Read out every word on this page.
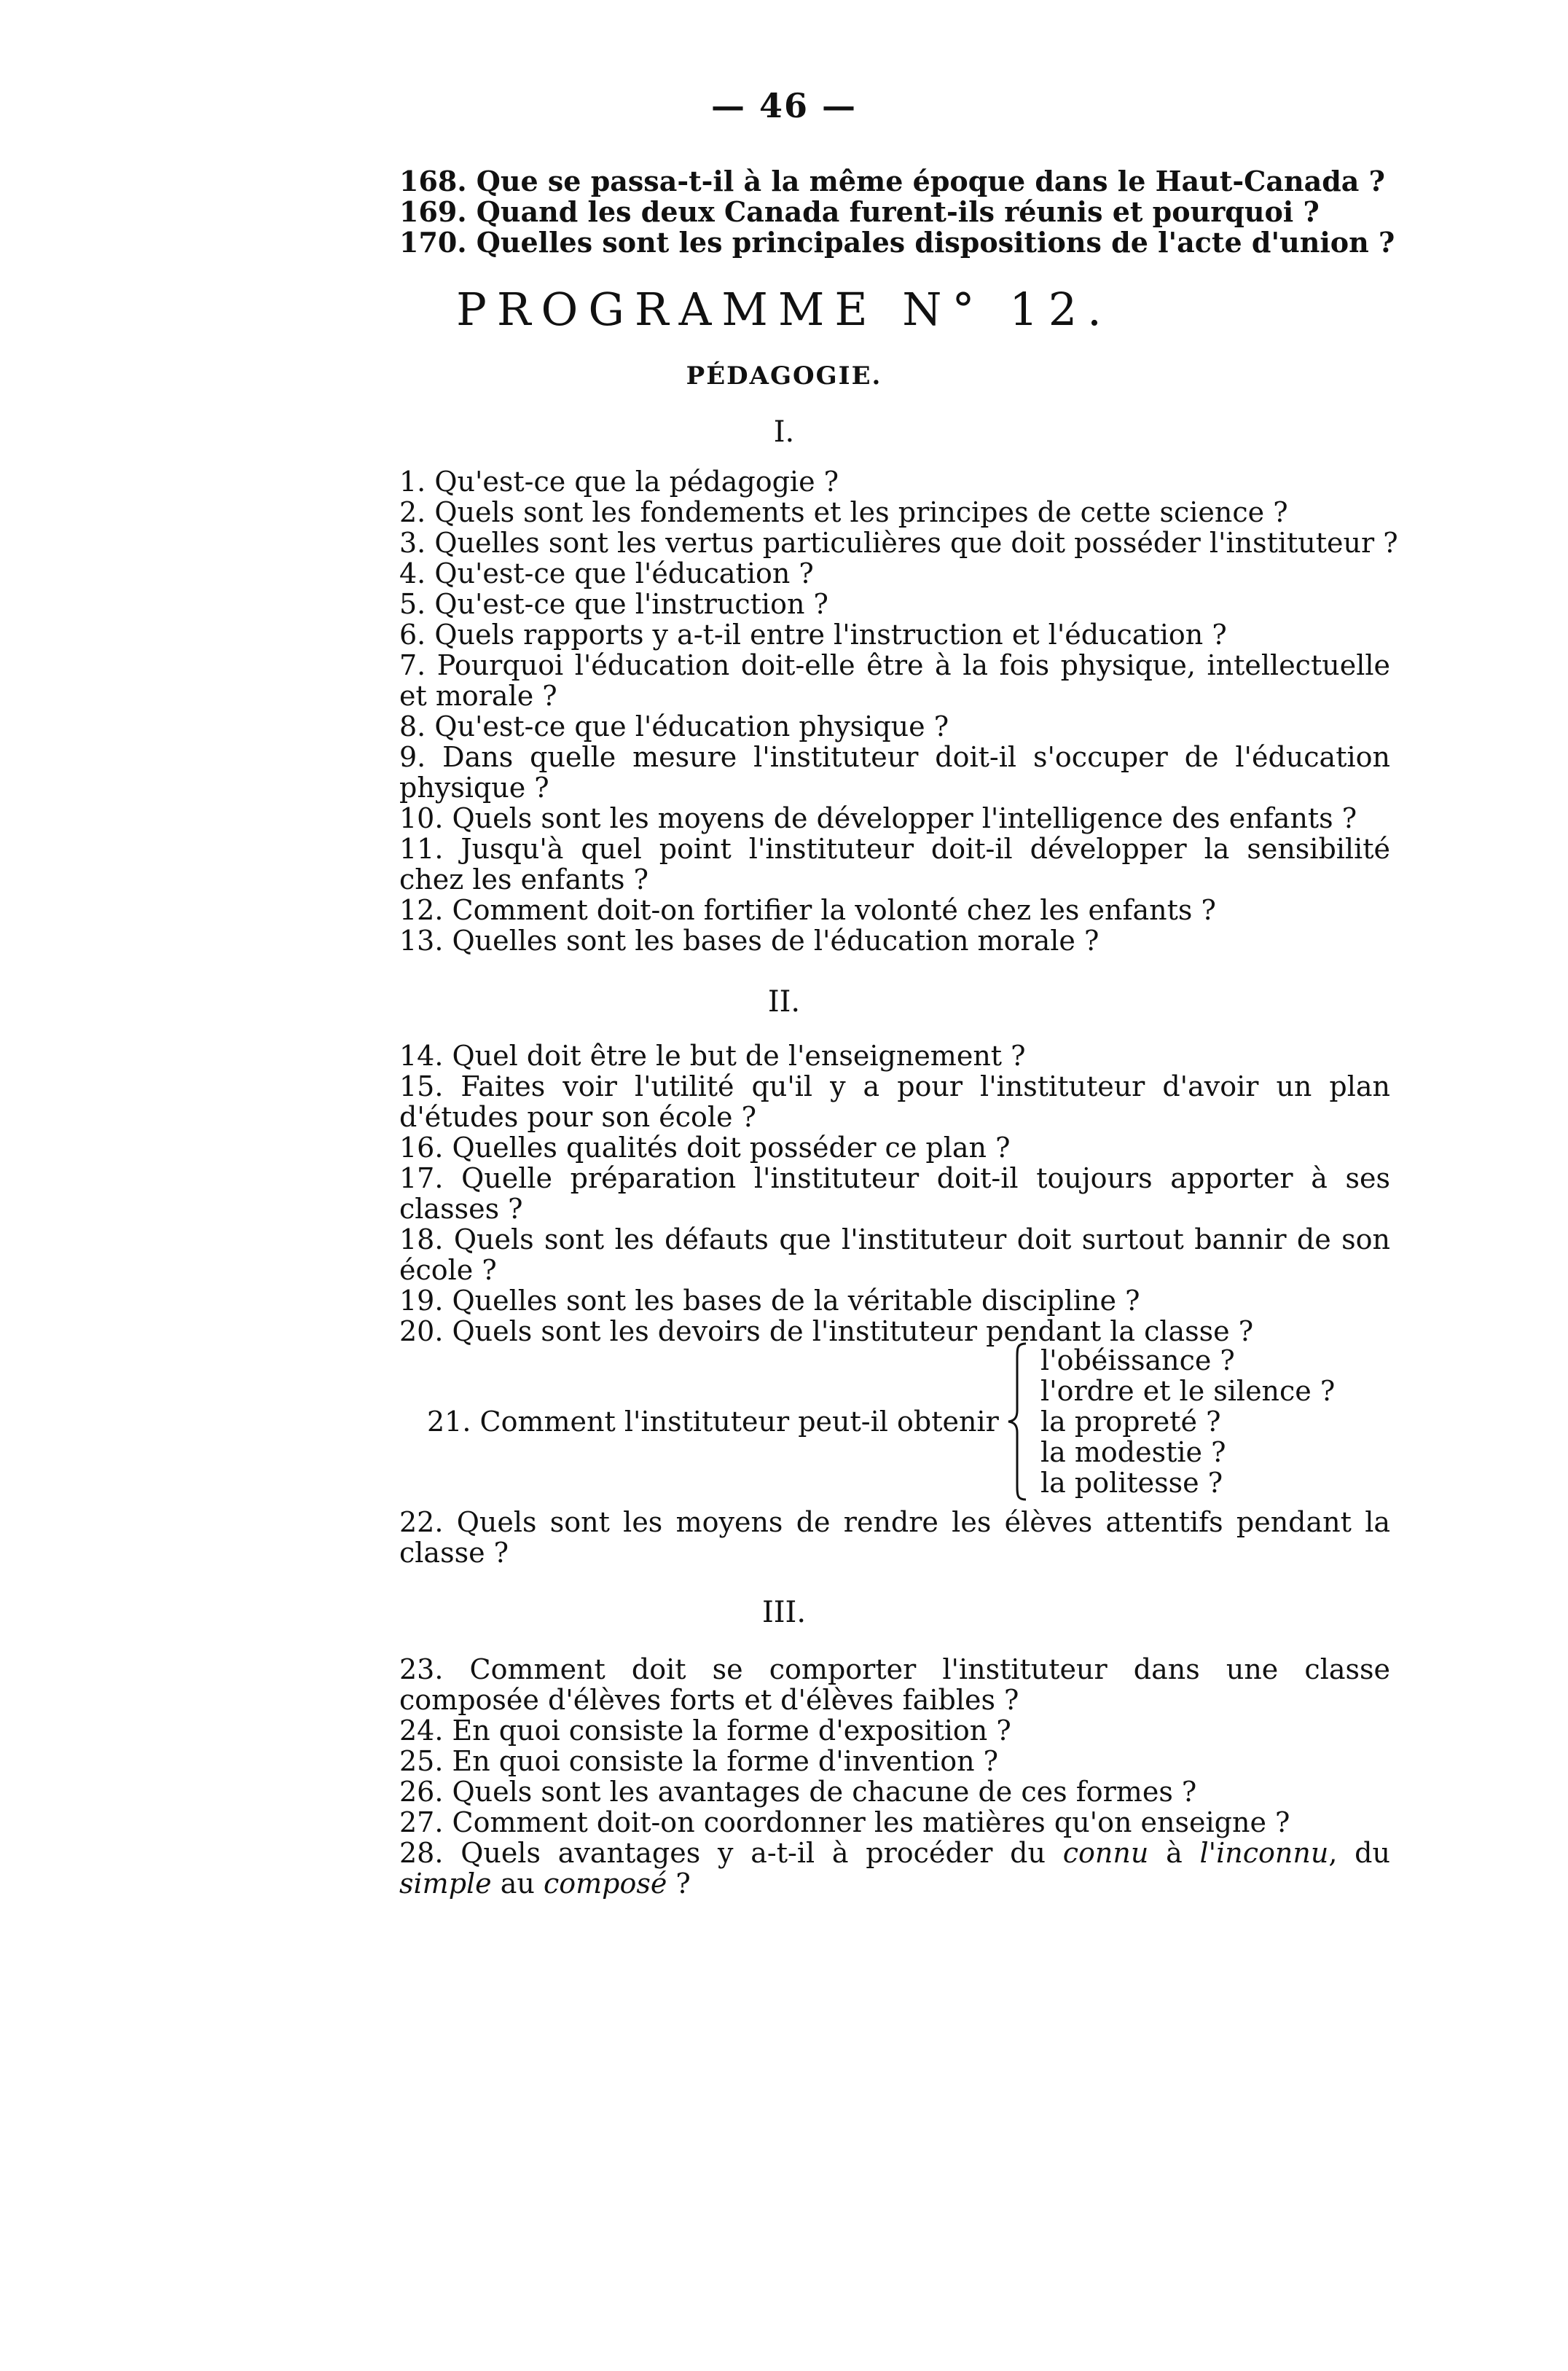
— 46 —
168. Que se passa-t-il à la même époque dans le Haut-Canada ?
169. Quand les deux Canada furent-ils réunis et pourquoi ?
170. Quelles sont les principales dispositions de l'acte d'union ?
PROGRAMME N° 12.
PÉDAGOGIE.
I.
1. Qu'est-ce que la pédagogie ?
2. Quels sont les fondements et les principes de cette science ?
3. Quelles sont les vertus particulières que doit posséder l'instituteur ?
4. Qu'est-ce que l'éducation ?
5. Qu'est-ce que l'instruction ?
6. Quels rapports y a-t-il entre l'instruction et l'éducation ?
7. Pourquoi l'éducation doit-elle être à la fois physique, intellectuelle et morale ?
8. Qu'est-ce que l'éducation physique ?
9. Dans quelle mesure l'instituteur doit-il s'occuper de l'éducation physique ?
10. Quels sont les moyens de développer l'intelligence des enfants ?
11. Jusqu'à quel point l'instituteur doit-il développer la sensibilité chez les enfants ?
12. Comment doit-on fortifier la volonté chez les enfants ?
13. Quelles sont les bases de l'éducation morale ?
II.
14. Quel doit être le but de l'enseignement ?
15. Faites voir l'utilité qu'il y a pour l'instituteur d'avoir un plan d'études pour son école ?
16. Quelles qualités doit posséder ce plan ?
17. Quelle préparation l'instituteur doit-il toujours apporter à ses classes ?
18. Quels sont les défauts que l'instituteur doit surtout bannir de son école ?
19. Quelles sont les bases de la véritable discipline ?
20. Quels sont les devoirs de l'instituteur pendant la classe ?
21. Comment l'instituteur peut-il obtenir
l'obéissance ?
l'ordre et le silence ?
la propreté ?
la modestie ?
la politesse ?
22. Quels sont les moyens de rendre les élèves attentifs pendant la classe ?
III.
23. Comment doit se comporter l'instituteur dans une classe composée d'élèves forts et d'élèves faibles ?
24. En quoi consiste la forme d'exposition ?
25. En quoi consiste la forme d'invention ?
26. Quels sont les avantages de chacune de ces formes ?
27. Comment doit-on coordonner les matières qu'on enseigne ?
28. Quels avantages y a-t-il à procéder du connu à l'inconnu, du simple au composé ?
